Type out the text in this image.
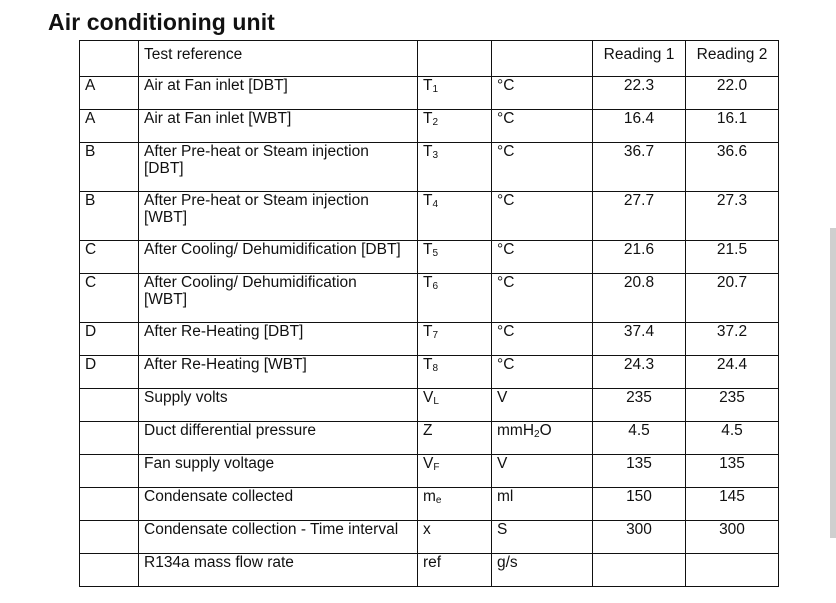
Air conditioning unit
	Test reference			Reading 1	Reading 2
A	Air at Fan inlet [DBT]	T1	°C	22.3	22.0
A	Air at Fan inlet [WBT]	T2	°C	16.4	16.1
B	After Pre-heat or Steam injection
[DBT]	T3	°C	36.7	36.6
B	After Pre-heat or Steam injection
[WBT]	T4	°C	27.7	27.3
C	After Cooling/ Dehumidification [DBT]	T5	°C	21.6	21.5
C	After Cooling/ Dehumidification
[WBT]	T6	°C	20.8	20.7
D	After Re-Heating [DBT]	T7	°C	37.4	37.2
D	After Re-Heating [WBT]	T8	°C	24.3	24.4

	Supply volts	VL	V	235	235

	Duct differential pressure	Z	mmH2O	4.5	4.5

	Fan supply voltage	VF	V	135	135

	Condensate collected	me	ml	150	145

	Condensate collection - Time interval	x	S	300	300

	R134a mass flow rate	ref	g/s		
